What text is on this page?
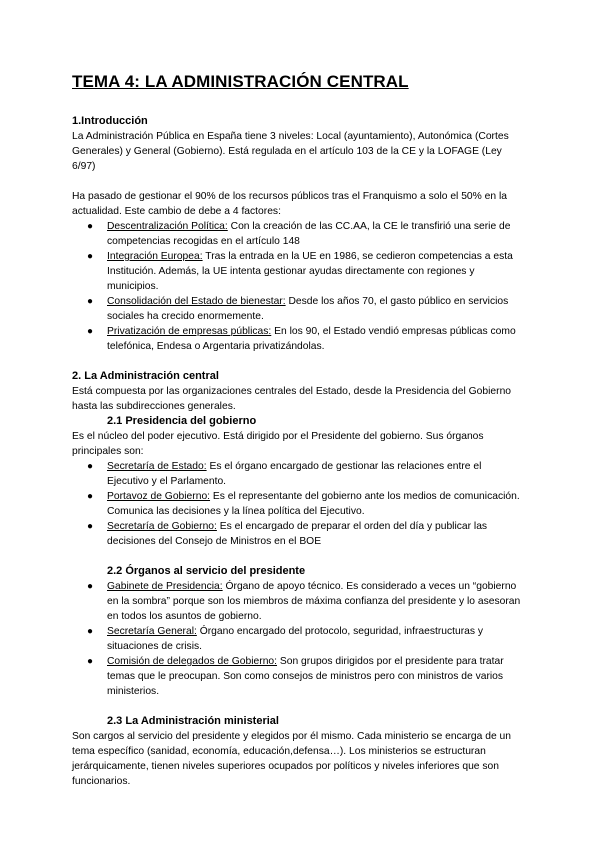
TEMA 4: LA ADMINISTRACIÓN CENTRAL
1.Introducción

La Administración Pública en España tiene 3 niveles: Local (ayuntamiento), Autonómica (Cortes Generales) y General (Gobierno). Está regulada en el artículo 103 de la CE y la LOFAGE (Ley 6/97)

Ha pasado de gestionar el 90% de los recursos públicos tras el Franquismo a solo el 50% en la actualidad. Este cambio de debe a 4 factores:

● Descentralización Política: Con la creación de las CC.AA, la CE le transfirió una serie de competencias recogidas en el artículo 148
● Integración Europea: Tras la entrada en la UE en 1986, se cedieron competencias a esta Institución. Además, la UE intenta gestionar ayudas directamente con regiones y municipios.
● Consolidación del Estado de bienestar: Desde los años 70, el gasto público en servicios sociales ha crecido enormemente.
● Privatización de empresas públicas: En los 90, el Estado vendió empresas públicas como telefónica, Endesa o Argentaria privatizándolas.
2. La Administración central

Está compuesta por las organizaciones centrales del Estado, desde la Presidencia del Gobierno hasta las subdirecciones generales.

2.1 Presidencia del gobierno

Es el núcleo del poder ejecutivo. Está dirigido por el Presidente del gobierno. Sus órganos principales son:

● Secretaría de Estado: Es el órgano encargado de gestionar las relaciones entre el Ejecutivo y el Parlamento.
● Portavoz de Gobierno: Es el representante del gobierno ante los medios de comunicación. Comunica las decisiones y la línea política del Ejecutivo.
● Secretaría de Gobierno: Es el encargado de preparar el orden del día y publicar las decisiones del Consejo de Ministros en el BOE
2.2 Órganos al servicio del presidente
● Gabinete de Presidencia: Órgano de apoyo técnico. Es considerado a veces un “gobierno en la sombra” porque son los miembros de máxima confianza del presidente y lo asesoran en todos los asuntos de gobierno.
● Secretaría General: Órgano encargado del protocolo, seguridad, infraestructuras y situaciones de crisis.
● Comisión de delegados de Gobierno: Son grupos dirigidos por el presidente para tratar temas que le preocupan. Son como consejos de ministros pero con ministros de varios ministerios.
2.3 La Administración ministerial

Son cargos al servicio del presidente y elegidos por él mismo. Cada ministerio se encarga de un tema específico (sanidad, economía, educación,defensa…). Los ministerios se estructuran jerárquicamente, tienen niveles superiores ocupados por políticos y niveles inferiores que son funcionarios.
